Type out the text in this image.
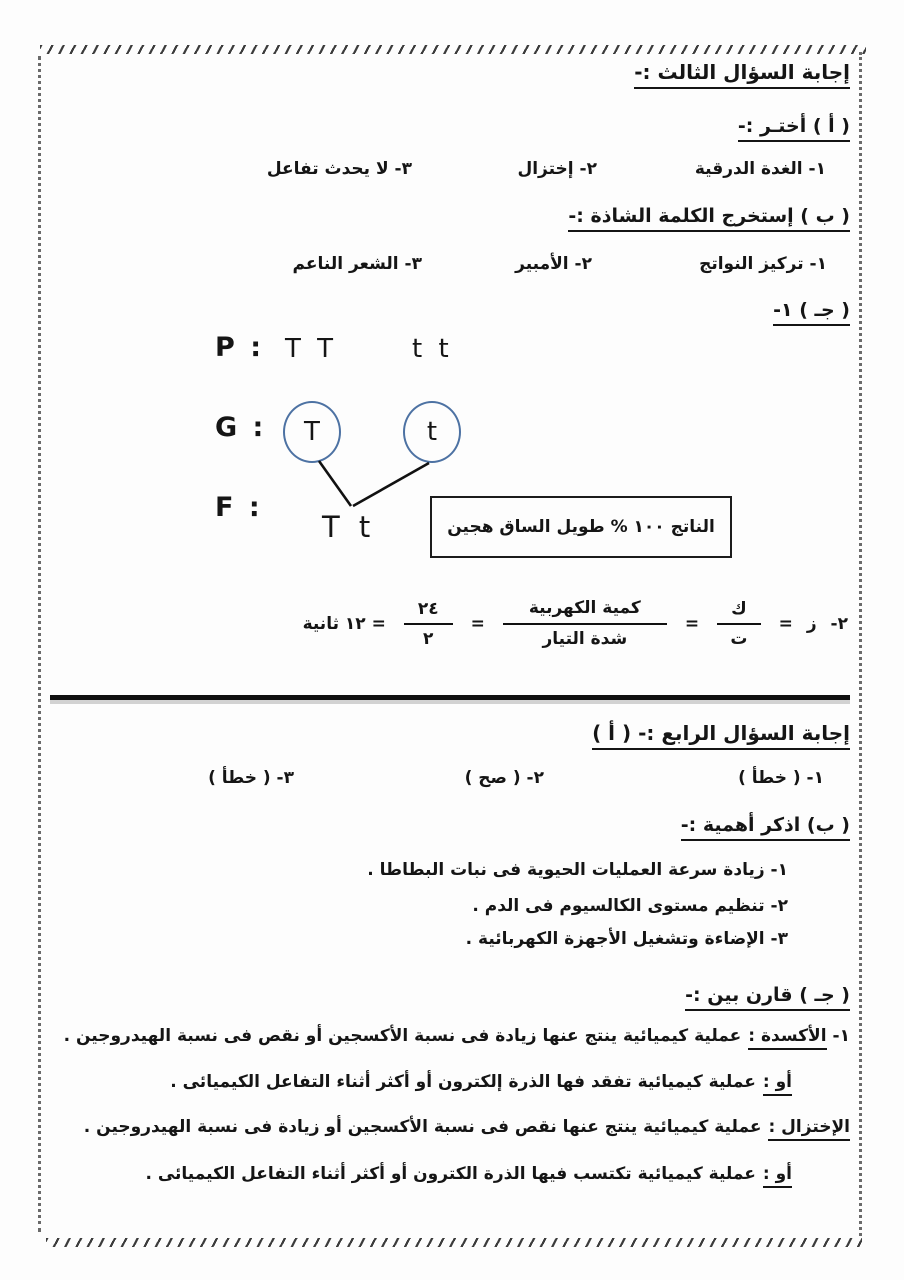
إجابة السؤال الثالث :-
( أ ) أختـر :-
١- الغدة الدرقية
٢- إختزال
٣- لا يحدث تفاعل
( ب ) إستخرج الكلمة الشاذة :-
١- تركيز النواتج
٢- الأمبير
٣- الشعر الناعم
( جـ ) ١-
P : T T	t t
G : T	t
F :
T t	الناتج ١٠٠ % طويل الساق هجين
٢- ز =
$\frac{\text{ك}}{\text{ت}}$
=
$\frac{\text{كمية الكهربية}}{\text{شدة التيار}}$
=
$\frac{٢٤}{٢}$
= ١٢ ثانية
إجابة السؤال الرابع :- ( أ )
١- ( خطأ )
٢- ( صح )
٣- ( خطأ )
( ب) اذكر أهمية :-
١- زيادة سرعة العمليات الحيوية فى نبات البطاطا .
٢- تنظيم مستوى الكالسيوم فى الدم .
٣- الإضاءة وتشغيل الأجهزة الكهربائية .
( جـ ) قارن بين :-
١-الأكسدة :عملية كيميائية ينتج عنها زيادة فى نسبة الأكسجين أو نقص فى نسبة الهيدروجين .
أو :عملية كيميائية تفقد فها الذرة إلكترون أو أكثر أثناء التفاعل الكيميائى .
الإختزال :عملية كيميائية ينتج عنها نقص فى نسبة الأكسجين أو زيادة فى نسبة الهيدروجين .
أو :عملية كيميائية تكتسب فيها الذرة الكترون أو أكثر أثناء التفاعل الكيميائى .
